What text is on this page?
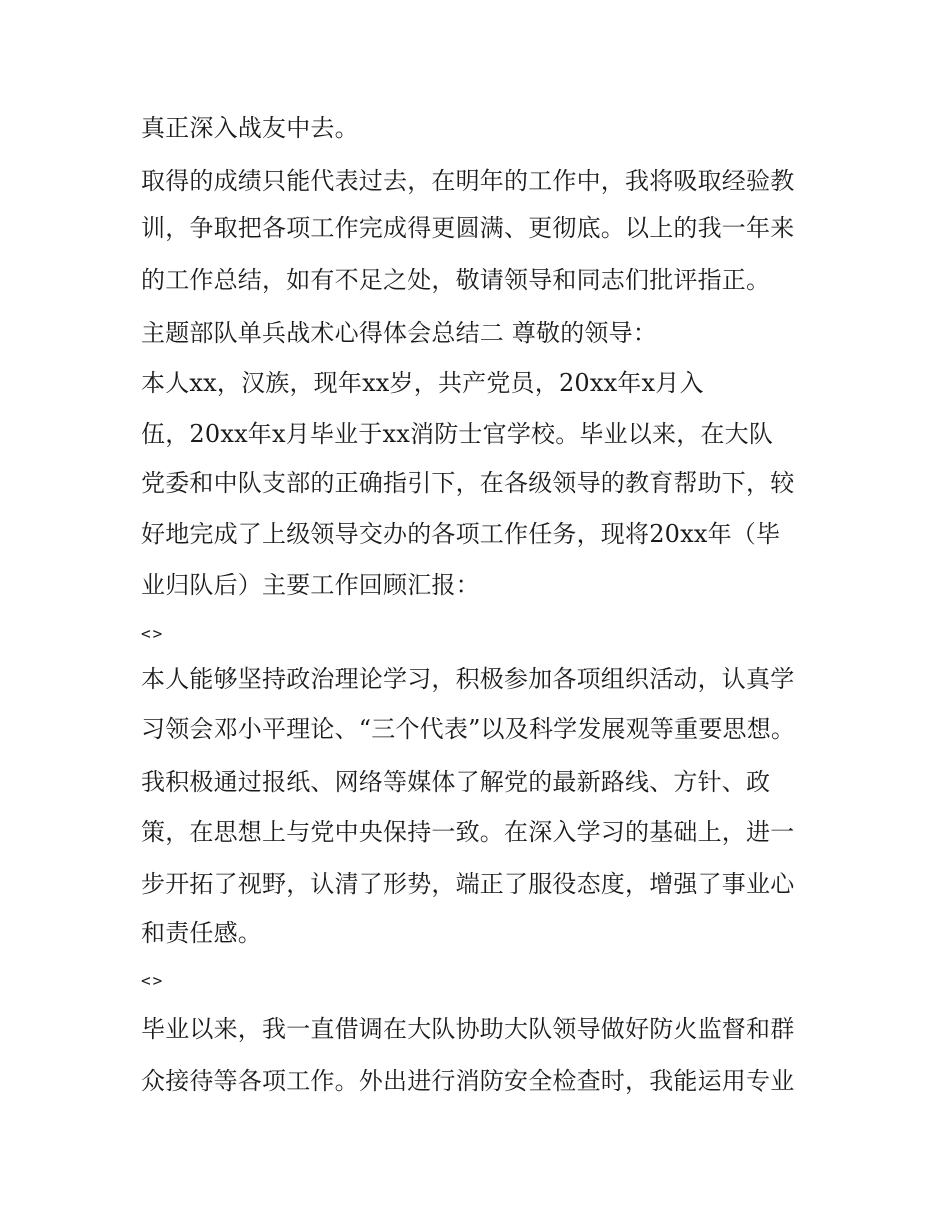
真正深入战友中去。
取得的成绩只能代表过去，在明年的工作中，我将吸取经验教
训，争取把各项工作完成得更圆满、更彻底。以上的我一年来
的工作总结，如有不足之处，敬请领导和同志们批评指正。
主题部队单兵战术心得体会总结二 尊敬的领导：
本人xx，汉族，现年xx岁，共产党员，20xx年x月入
伍，20xx年x月毕业于xx消防士官学校。毕业以来，在大队
党委和中队支部的正确指引下，在各级领导的教育帮助下，较
好地完成了上级领导交办的各项工作任务，现将20xx年（毕
业归队后）主要工作回顾汇报：
<>
本人能够坚持政治理论学习，积极参加各项组织活动，认真学
习领会邓小平理论、“三个代表”以及科学发展观等重要思想。
我积极通过报纸、网络等媒体了解党的最新路线、方针、政
策，在思想上与党中央保持一致。在深入学习的基础上，进一
步开拓了视野，认清了形势，端正了服役态度，增强了事业心
和责任感。
<>
毕业以来，我一直借调在大队协助大队领导做好防火监督和群
众接待等各项工作。外出进行消防安全检查时，我能运用专业
